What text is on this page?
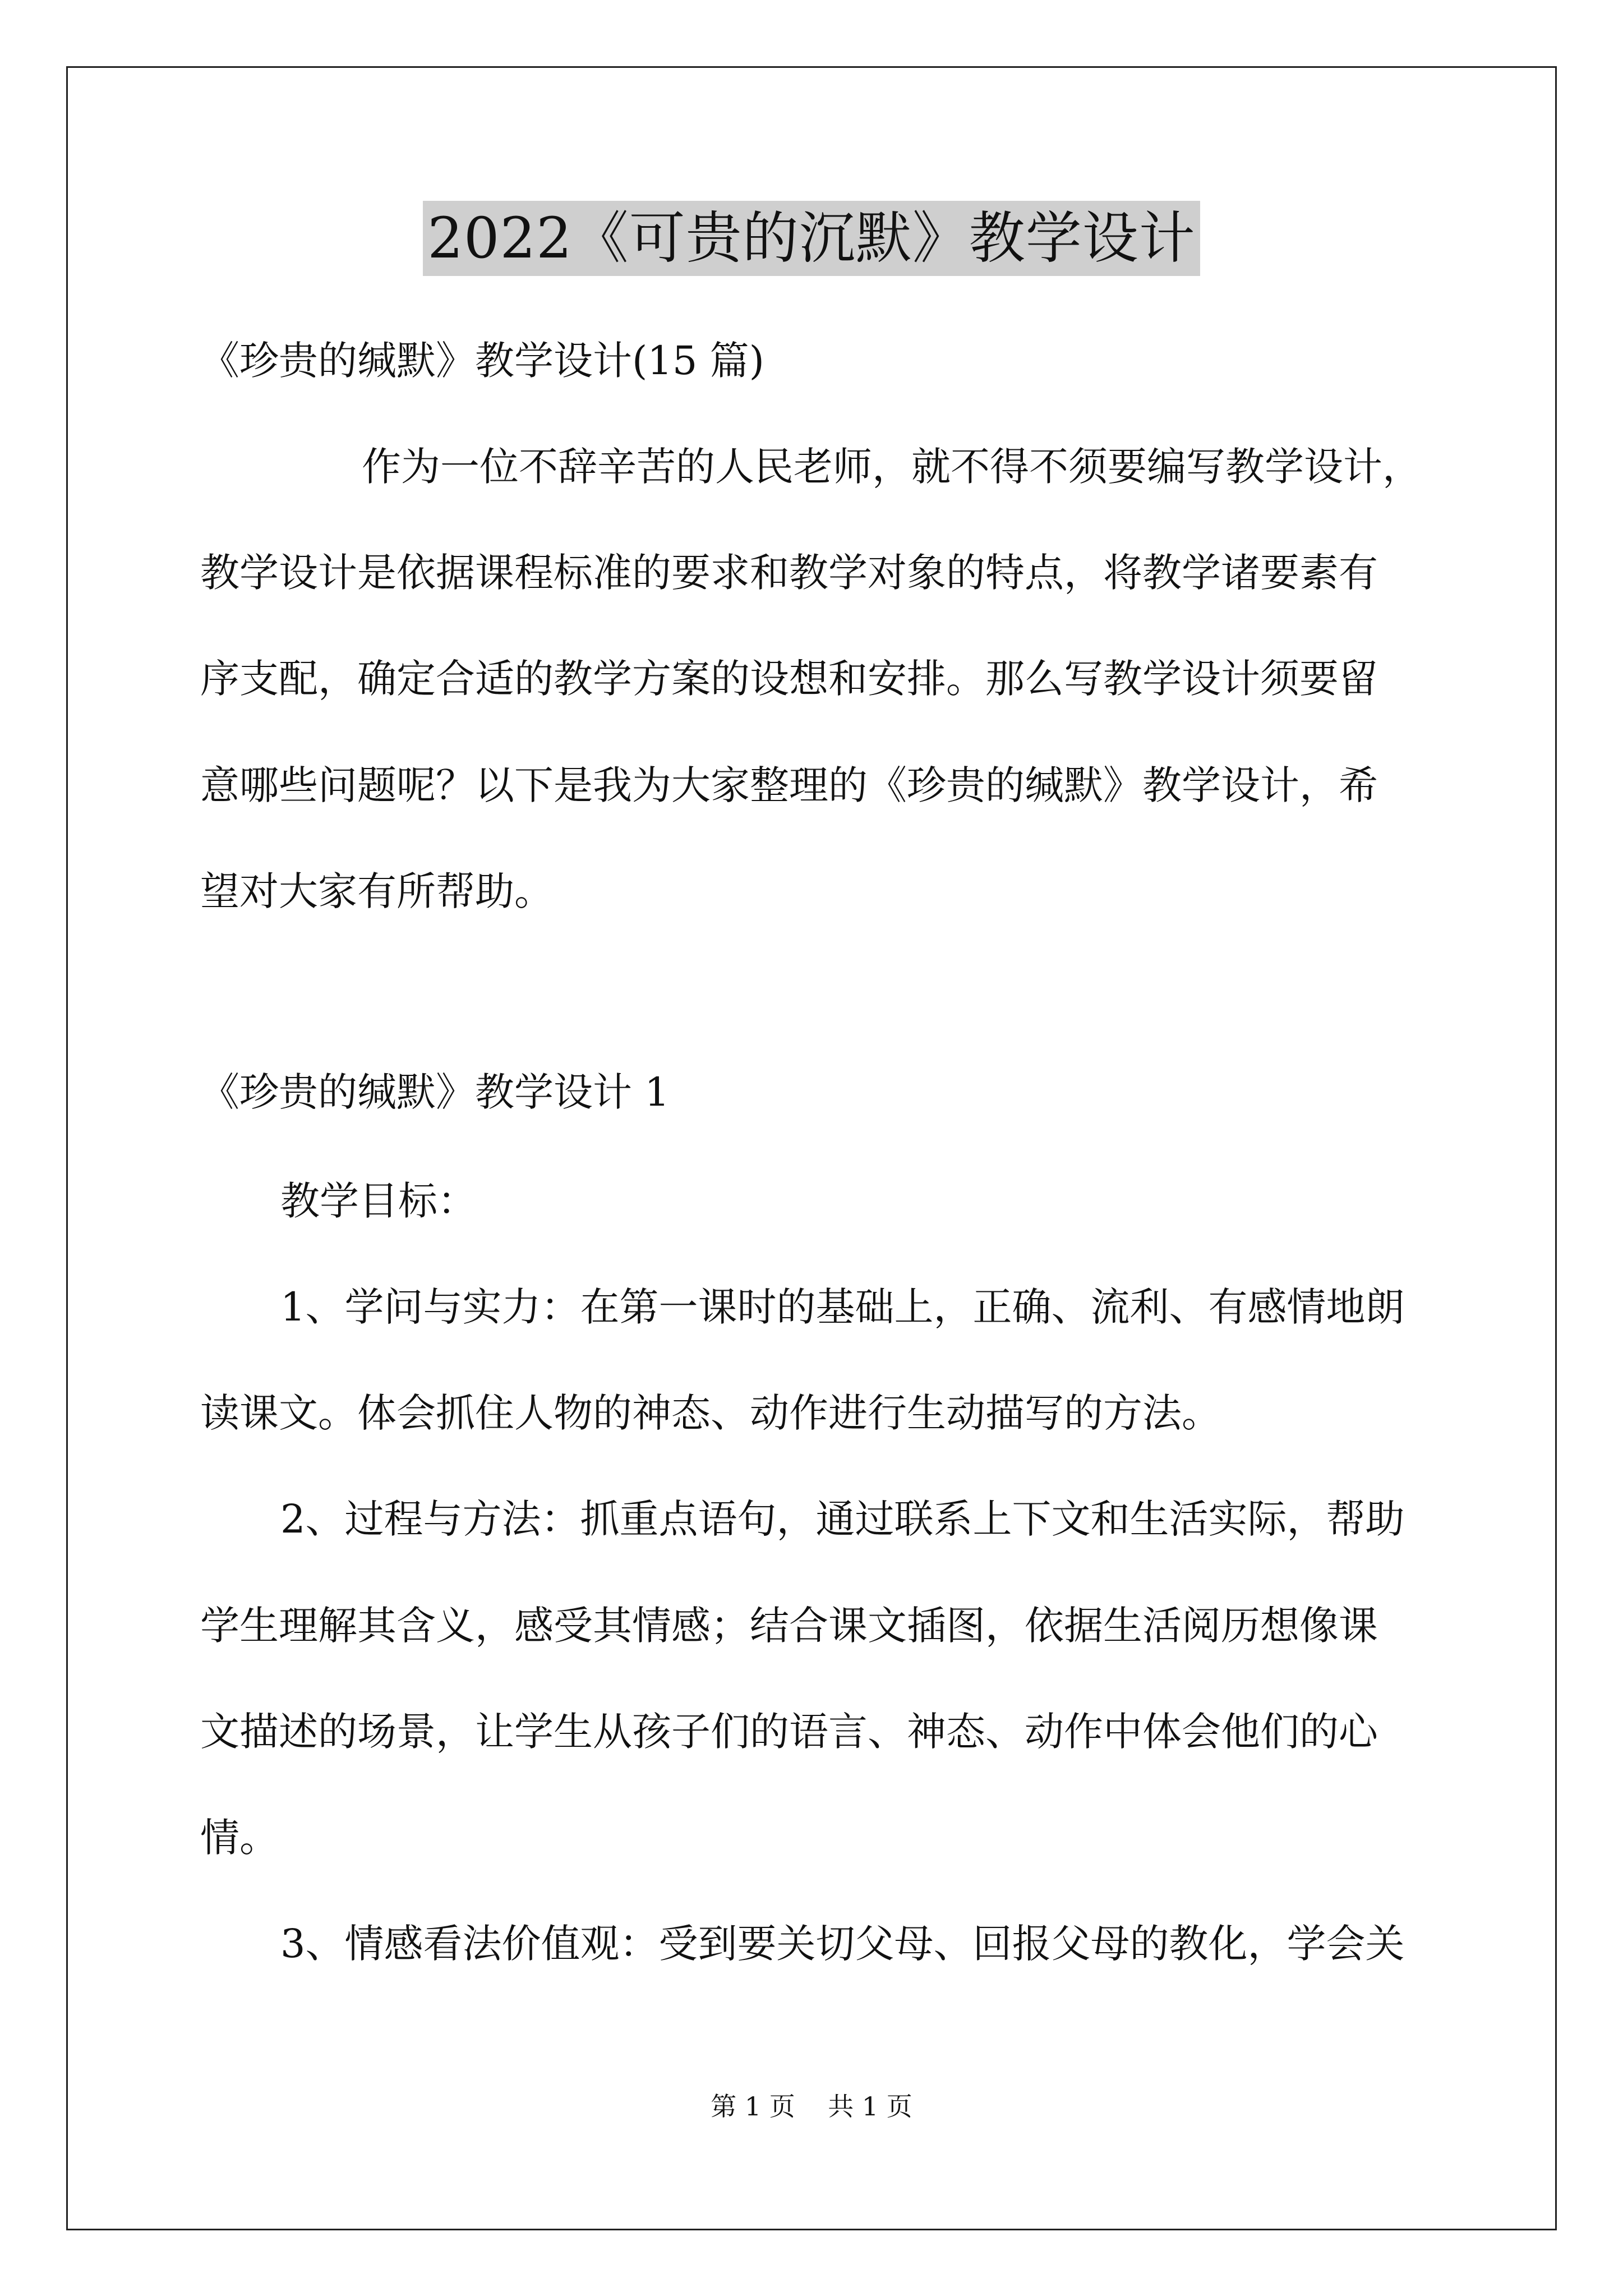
2022《可贵的沉默》教学设计
《珍贵的缄默》教学设计(15 篇)
作为一位不辞辛苦的人民老师，就不得不须要编写教学设计，
教学设计是依据课程标准的要求和教学对象的特点，将教学诸要素有
序支配，确定合适的教学方案的设想和安排。那么写教学设计须要留
意哪些问题呢？以下是我为大家整理的《珍贵的缄默》教学设计，希
望对大家有所帮助。
《珍贵的缄默》教学设计 1
教学目标：
1、学问与实力：在第一课时的基础上，正确、流利、有感情地朗
读课文。体会抓住人物的神态、动作进行生动描写的方法。
2、过程与方法：抓重点语句，通过联系上下文和生活实际，帮助
学生理解其含义，感受其情感；结合课文插图，依据生活阅历想像课
文描述的场景，让学生从孩子们的语言、神态、动作中体会他们的心
情。
3、情感看法价值观：受到要关切父母、回报父母的教化，学会关
第 1 页    共 1 页
